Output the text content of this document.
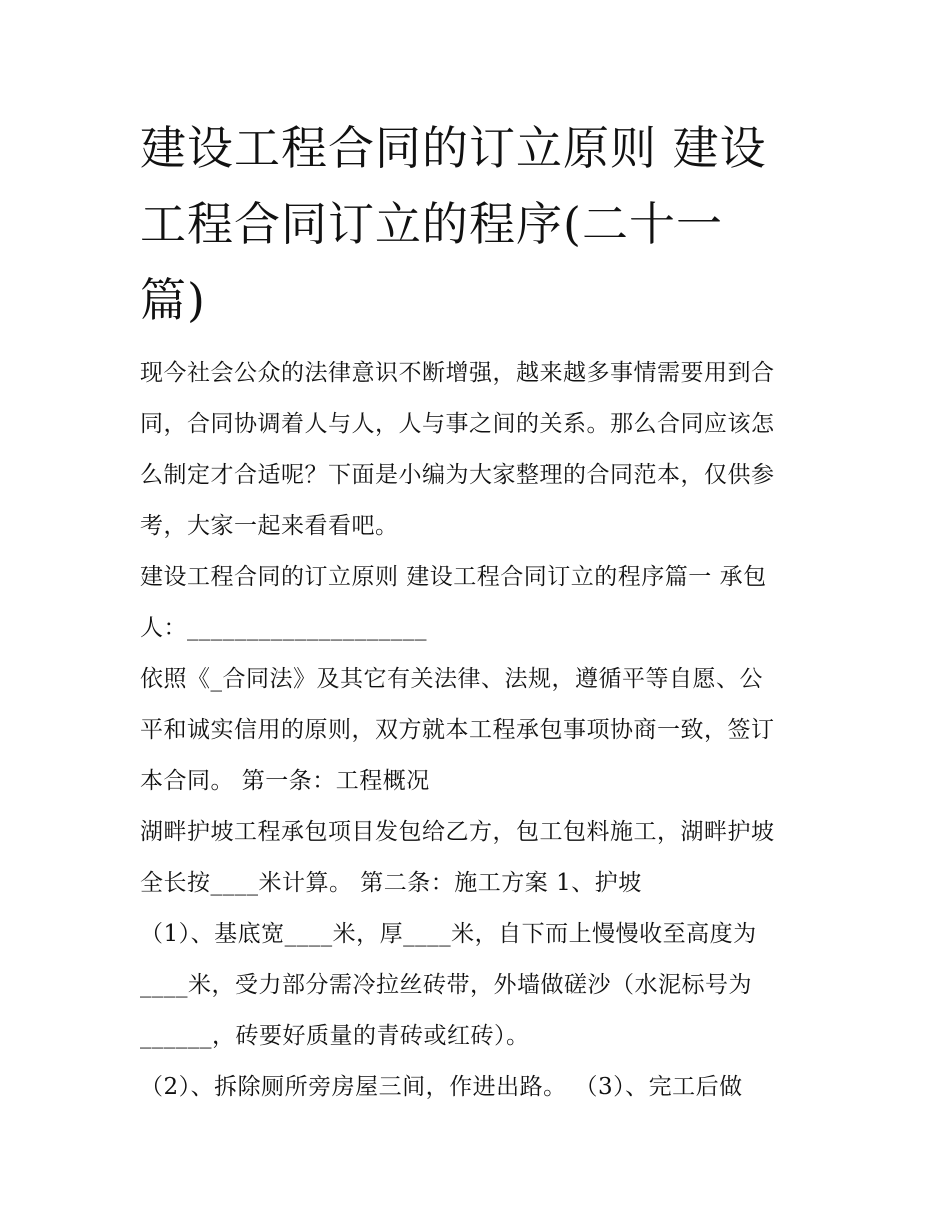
建设工程合同的订立原则 建设
工程合同订立的程序(二十一
篇)
现今社会公众的法律意识不断增强，越来越多事情需要用到合
同，合同协调着人与人，人与事之间的关系。那么合同应该怎
么制定才合适呢？下面是小编为大家整理的合同范本，仅供参
考，大家一起来看看吧。
建设工程合同的订立原则 建设工程合同订立的程序篇一 承包
人：____________________
依照《_合同法》及其它有关法律、法规，遵循平等自愿、公
平和诚实信用的原则，双方就本工程承包事项协商一致，签订
本合同。 第一条：工程概况
湖畔护坡工程承包项目发包给乙方，包工包料施工，湖畔护坡
全长按____米计算。 第二条：施工方案 1、护坡
（1）、基底宽____米，厚____米，自下而上慢慢收至高度为
____米，受力部分需冷拉丝砖带，外墙做磋沙（水泥标号为
______，砖要好质量的青砖或红砖）。
（2）、拆除厕所旁房屋三间，作进出路。 （3）、完工后做
